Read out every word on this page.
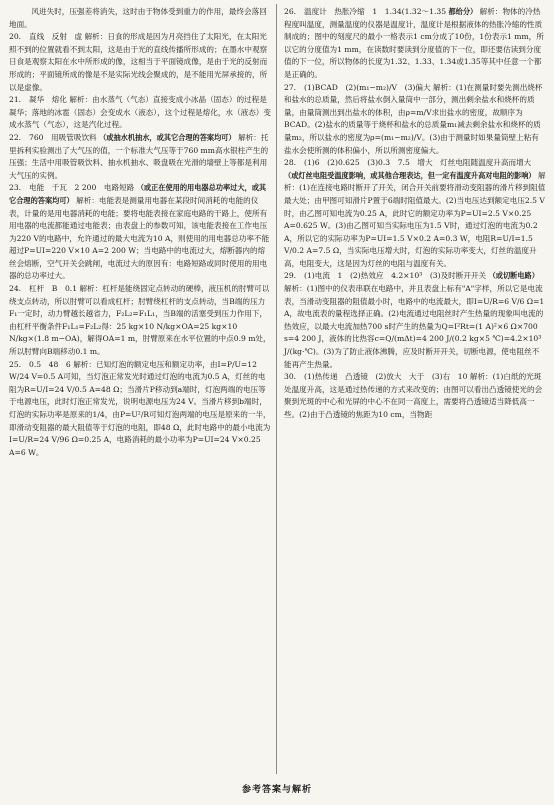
风进失时，压强差将消失，这时由于物体受到重力的作用，最终会落回地面。

20. 直线　反射　虚 解析：日食的形成是因为月亮挡住了太阳光，在太阳光照不到的位置就看不到太阳，这是由于光的直线传播所形成的；在墨水中观察日食是观察太阳在水中所形成的像，这相当于平面镜成像，是由于光的反射而形成的；平面镜所成的像是不是实际光线会聚成的，是不能用光屏承接的，所以是虚像。

21. 凝华　熔化 解析：由水蒸气（气态）直接变成小冰晶（固态）的过程是凝华；落地的冰雹（固态）会变成水（液态），这个过程是熔化，水（液态）变成水蒸气（气态），这是汽化过程。

22. 760　用吸管吸饮料 （或抽水机抽水，或其它合理的答案均可） 解析：托里拆利实验测出了大气压的值，一个标准大气压等于760 mm高水银柱产生的压强；生活中用吸管吸饮料、抽水机抽水、吸盘吸在光滑的墙壁上等都是利用大气压的实例。

23. 电能　千瓦　2 200　电路短路 （或正在使用的用电器总功率过大，或其它合理的答案均可） 解析：电能表是测量用电器在某段时间消耗的电能的仪表，计量的是用电器消耗的电能；要将电能表接在家庭电路的干路上，使所有用电器的电流都能通过电能表；由表盘上的参数可知，该电能表接在工作电压为220 V的电路中，允许通过的最大电流为10 A，则使用的用电器总功率不能超过P=UI=220 V×10 A=2 200 W；当电路中的电流过大，熔断器内的熔丝会熔断，空气开关会跳闸，电流过大的原因有：电路短路或同时使用的用电器的总功率过大。

24. 杠杆　B　0.1 解析：杠杆是能绕固定点转动的硬棒，液压机的肘臂可以绕支点转动，所以肘臂可以看成杠杆；肘臂绕杠杆的支点转动，当B端的压力F₁一定时，动力臂越长越省力，F₂L₂=F₁L₁，当B端的活塞受到压力作用下，由杠杆平衡条件F₁L₁=F₂L₂得：25 kg×10 N/kg×OA=25 kg×10 N/kg×(1.8 m−OA)，解得OA=1 m，肘臂原来在水平位置的中点0.9 m处，所以肘臂向B端移动0.1 m。

25. 0.5　48　6 解析：已知灯泡的额定电压和额定功率，由I=P/U=12 W/24 V=0.5 A可知，当灯泡正常发光时通过灯泡的电流为0.5 A，灯丝的电阻为R=U/I=24 V/0.5 A=48 Ω；当滑片P移动到a端时，灯泡两端的电压等于电源电压，此时灯泡正常发光，说明电源电压为24 V。当滑片移到b端时，灯泡的实际功率是原来的1/4，由P=U²/R可知灯泡两端的电压是原来的一半，即滑动变阻器的最大阻值等于灯泡的电阻，即48 Ω，此时电路中的最小电流为I=U/R=24 V/96 Ω=0.25 A，电路消耗的最小功率为P=UI=24 V×0.25 A=6 W。

26. 温度计　热胀冷缩　1　1.34(1.32～1.35 都给分） 解析：物体的冷热程度叫温度，测量温度的仪器是温度计，温度计是根据液体的热胀冷缩的性质制成的；图中的刻度尺的最小一格表示1 cm分成了10份，1份表示1 mm，所以它的分度值为1 mm，在读数时要读到分度值的下一位，即还要估读到分度值的下一位，所以物体的长度为1.32、1.33、1.34或1.35等其中任意一个都是正确的。

27. (1)BCAD　(2)(m₁−m₂)/V　(3)偏大 解析：(1)在测量时要先测出烧杯和盐水的总质量，然后将盐水倒入量筒中一部分，测出剩余盐水和烧杯的质量，由量筒测出到出盐水的体积，由ρ=m/V求出盐水的密度，故顺序为BCAD。(2)盐水的质量等于烧杯和盐水的总质量m₁减去剩余盐水和烧杯的质量m₂，所以盐水的密度为ρ=(m₁−m₂)/V。(3)由于测量时如果量筒壁上粘有盐水会使所测的体积偏小，所以所测密度偏大。

28. (1)6　(2)0.625　(3)0.3　7.5　增大　灯丝电阻随温度升高而增大 （或灯丝电阻受温度影响，或其他合理表达，但一定有温度升高对电阻的影响） 解析：(1)在连接电路时断开了开关，闭合开关前要将滑动变阻器的滑片移到阻值最大处；由甲图可知滑片P置于6端时阻值最大。(2)当电压达到额定电压2.5 V时，由乙图可知电流为0.25 A，此时它的额定功率为P=UI=2.5 V×0.25 A=0.625 W。(3)由乙图可知当实际电压为1.5 V时，通过灯泡的电流为0.2 A，所以它的实际功率为P=UI=1.5 V×0.2 A=0.3 W，电阻R=U/I=1.5 V/0.2 A=7.5 Ω，当实际电压增大时，灯泡的实际功率变大，灯丝的温度升高，电阻变大，这是因为灯丝的电阻与温度有关。

29. (1)电流　1　(2)热效应　4.2×10³　(3)及时断开开关 （或切断电路） 解析：(1)图中的仪表串联在电路中，并且表盘上标有"A"字样，所以它是电流表，当滑动变阻器的阻值最小时，电路中的电流最大，即I=U/R=6 V/6 Ω=1 A，故电流表的量程选择正确。(2)电流通过电阻丝时产生热量的现象叫电流的热效应，以最大电流加热700 s时产生的热量为Q=I²Rt=(1 A)²×6 Ω×700 s=4 200 J，液体的比热容c=Q/(mΔt)=4 200 J/(0.2 kg×5 ℃)=4.2×10³ J/(kg·℃)。(3)为了防止液体沸腾，应及时断开开关，切断电源，使电阻丝不能再产生热量。

30. (1)热传递　凸透镜　(2)放大　大于　(3)右　10 解析：(1)白纸的光斑处温度升高，这是通过热传递的方式来改变的；由图可以看出凸透镜使光的会聚到光斑的中心和光屏的中心不在同一高度上，需要将凸透镜适当降低高一些。(2)由于凸透镜的焦距为10 cm，当物距

参考答案与解析
